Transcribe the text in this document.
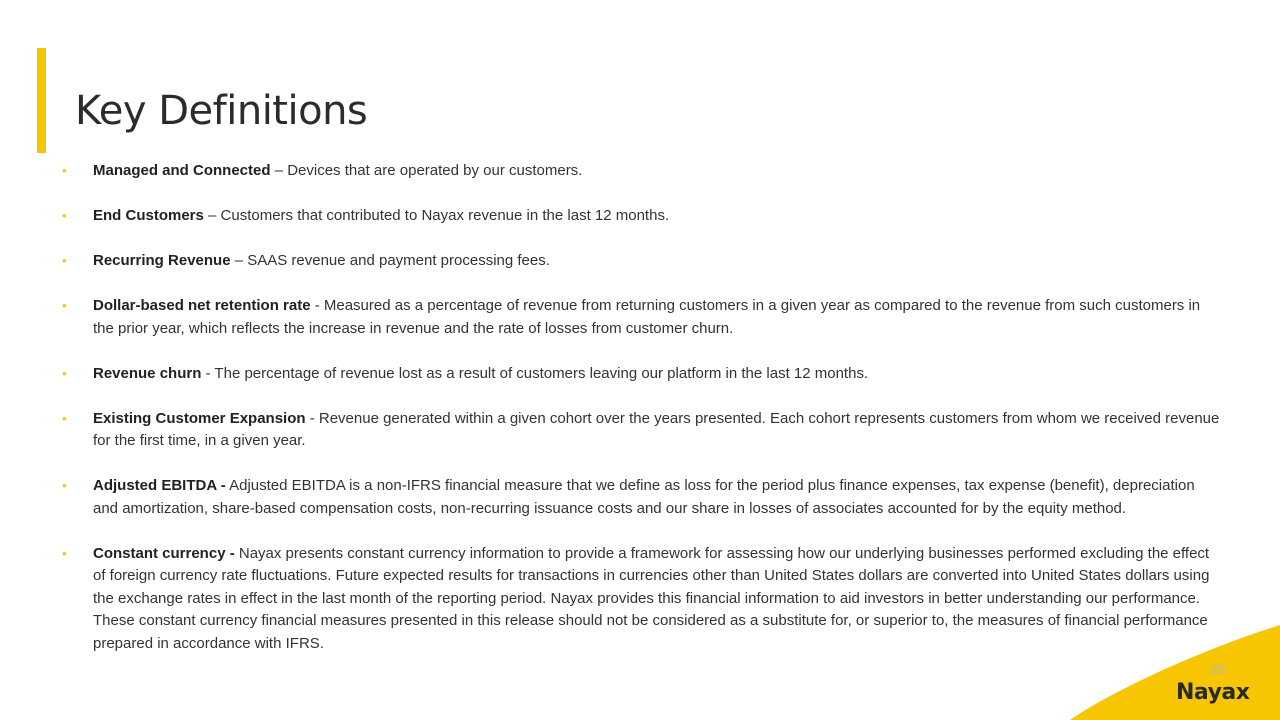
Key Definitions
• Managed and Connected – Devices that are operated by our customers.
• End Customers – Customers that contributed to Nayax revenue in the last 12 months.
• Recurring Revenue – SAAS revenue and payment processing fees.
• Dollar-based net retention rate - Measured as a percentage of revenue from returning customers in a given year as compared to the revenue from such customers in the prior year, which reflects the increase in revenue and the rate of losses from customer churn.
• Revenue churn - The percentage of revenue lost as a result of customers leaving our platform in the last 12 months.
• Existing Customer Expansion - Revenue generated within a given cohort over the years presented. Each cohort represents customers from whom we received revenue for the first time, in a given year.
• Adjusted EBITDA - Adjusted EBITDA is a non-IFRS financial measure that we define as loss for the period plus finance expenses, tax expense (benefit), depreciation and amortization, share-based compensation costs, non-recurring issuance costs and our share in losses of associates accounted for by the equity method.
• Constant currency - Nayax presents constant currency information to provide a framework for assessing how our underlying businesses performed excluding the effect of foreign currency rate fluctuations. Future expected results for transactions in currencies other than United States dollars are converted into United States dollars using the exchange rates in effect in the last month of the reporting period. Nayax provides this financial information to aid investors in better understanding our performance. These constant currency financial measures presented in this release should not be considered as a substitute for, or superior to, the measures of financial performance prepared in accordance with IFRS.
26
Nayax
